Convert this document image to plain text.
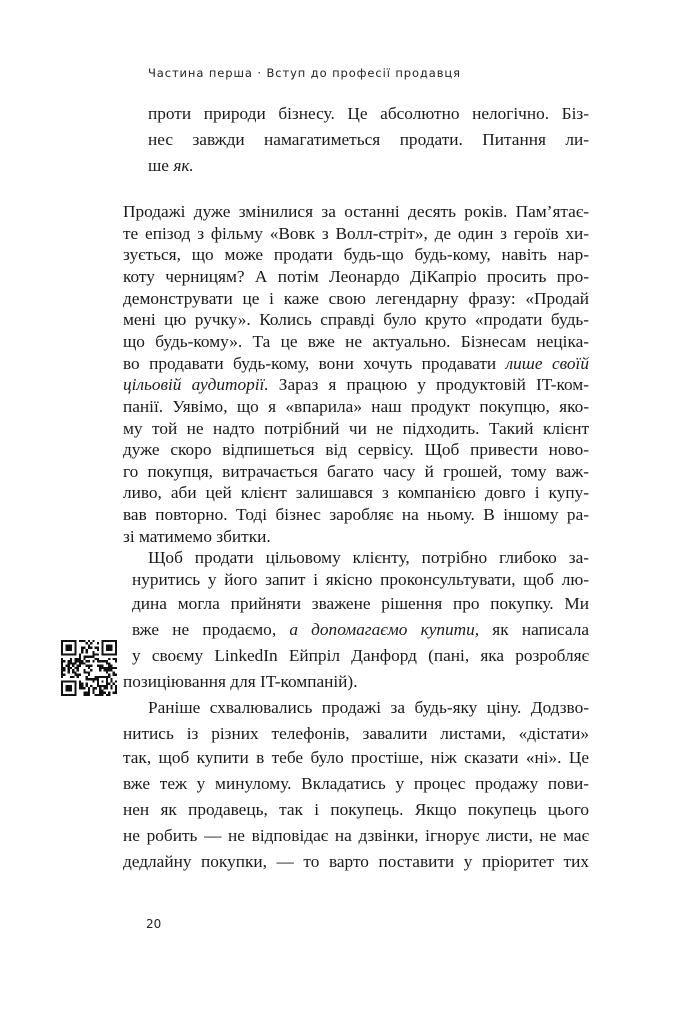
Частина перша · Вступ до професії продавця
проти природи бізнесу. Це абсолютно нелогічно. Біз-
нес завжди намагатиметься продати. Питання ли-
ше як.
Продажі дуже змінилися за останні десять років. Пам’ятає-
те епізод з фільму «Вовк з Волл-стріт», де один з героїв хи-
зується, що може продати будь-що будь-кому, навіть нар-
коту черницям? А потім Леонардо ДіКапріо просить про-
демонструвати це і каже свою легендарну фразу: «Продай
мені цю ручку». Колись справді було круто «продати будь-
що будь-кому». Та це вже не актуально. Бізнесам неціка-
во продавати будь-кому, вони хочуть продавати лише своїй
цільовій аудиторії. Зараз я працюю у продуктовій IT-ком-
панії. Уявімо, що я «впарила» наш продукт покупцю, яко-
му той не надто потрібний чи не підходить. Такий клієнт
дуже скоро відпишеться від сервісу. Щоб привести ново-
го покупця, витрачається багато часу й грошей, тому важ-
ливо, аби цей клієнт залишався з компанією довго і купу-
вав повторно. Тоді бізнес заробляє на ньому. В іншому ра-
зі матимемо збитки.
Щоб продати цільовому клієнту, потрібно глибоко за-
нуритись у його запит і якісно проконсультувати, щоб лю-
дина могла прийняти зважене рішення про покупку. Ми
вже не продаємо, а допомагаємо купити, як написала
у своєму LinkedIn Ейпріл Данфорд (пані, яка розробляє
позиціювання для IT-компаній).
Раніше схвалювались продажі за будь-яку ціну. Додзво-
нитись із різних телефонів, завалити листами, «дістати»
так, щоб купити в тебе було простіше, ніж сказати «ні». Це
вже теж у минулому. Вкладатись у процес продажу пови-
нен як продавець, так і покупець. Якщо покупець цього
не робить — не відповідає на дзвінки, ігнорує листи, не має
дедлайну покупки, — то варто поставити у пріоритет тих
20
